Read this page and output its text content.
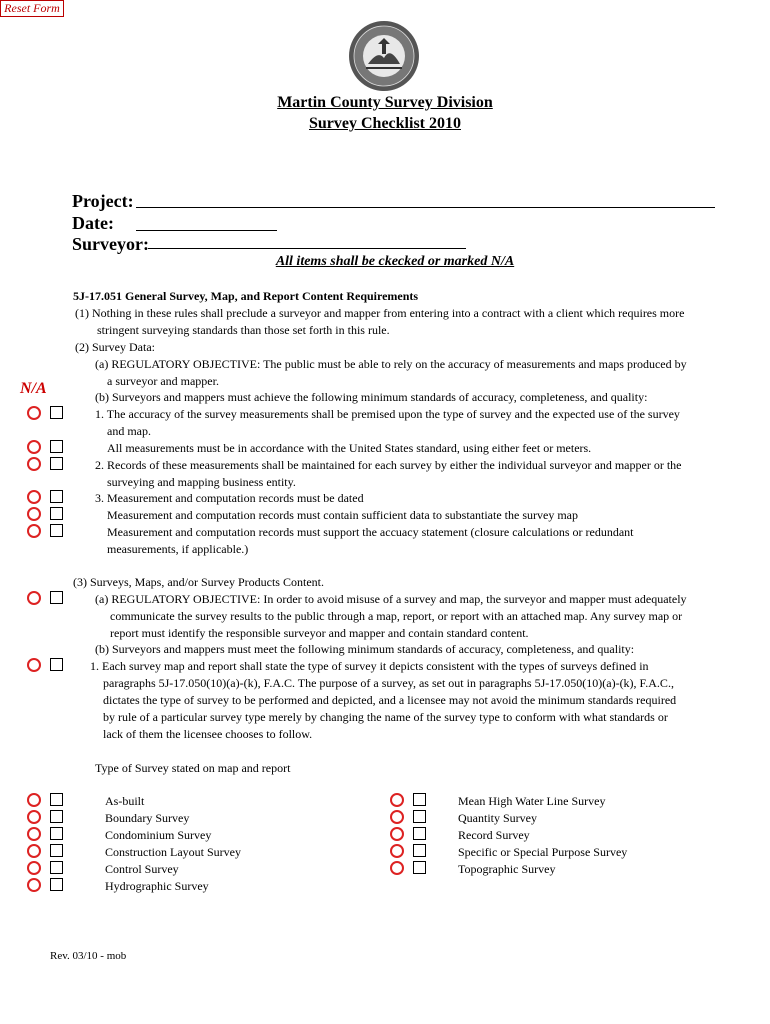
Reset Form
Martin County Survey Division
Survey Checklist 2010
Project:
Date:
Surveyor:
All items shall be ckecked or marked N/A
N/A
5J-17.051 General Survey, Map, and Report Content Requirements
(1) Nothing in these rules shall preclude a surveyor and mapper from entering into a contract with a client which requires more
stringent surveying standards than those set forth in this rule.
(2) Survey Data:
(a) REGULATORY OBJECTIVE: The public must be able to rely on the accuracy of measurements and maps produced by
a surveyor and mapper.
(b) Surveyors and mappers must achieve the following minimum standards of accuracy, completeness, and quality:
1. The accuracy of the survey measurements shall be premised upon the type of survey and the expected use of the survey
and map.
All measurements must be in accordance with the United States standard, using either feet or meters.
2. Records of these measurements shall be maintained for each survey by either the individual surveyor and mapper or the
surveying and mapping business entity.
3. Measurement and computation records must be dated
Measurement and computation records must contain sufficient data to substantiate the survey map
Measurement and computation records must support the accuacy statement (closure calculations or redundant
measurements, if applicable.)
(3) Surveys, Maps, and/or Survey Products Content.
(a) REGULATORY OBJECTIVE: In order to avoid misuse of a survey and map, the surveyor and mapper must adequately
communicate the survey results to the public through a map, report, or report with an attached map. Any survey map or
report must identify the responsible surveyor and mapper and contain standard content.
(b) Surveyors and mappers must meet the following minimum standards of accuracy, completeness, and quality:
1. Each survey map and report shall state the type of survey it depicts consistent with the types of surveys defined in
paragraphs 5J-17.050(10)(a)-(k), F.A.C. The purpose of a survey, as set out in paragraphs 5J-17.050(10)(a)-(k), F.A.C.,
dictates the type of survey to be performed and depicted, and a licensee may not avoid the minimum standards required
by rule of a particular survey type merely by changing the name of the survey type to conform with what standards or
lack of them the licensee chooses to follow.
Type of Survey stated on map and report
As-built
Boundary Survey
Condominium Survey
Construction Layout Survey
Control Survey
Hydrographic Survey
Mean High Water Line Survey
Quantity Survey
Record Survey
Specific or Special Purpose Survey
Topographic Survey
Rev. 03/10 - mob
